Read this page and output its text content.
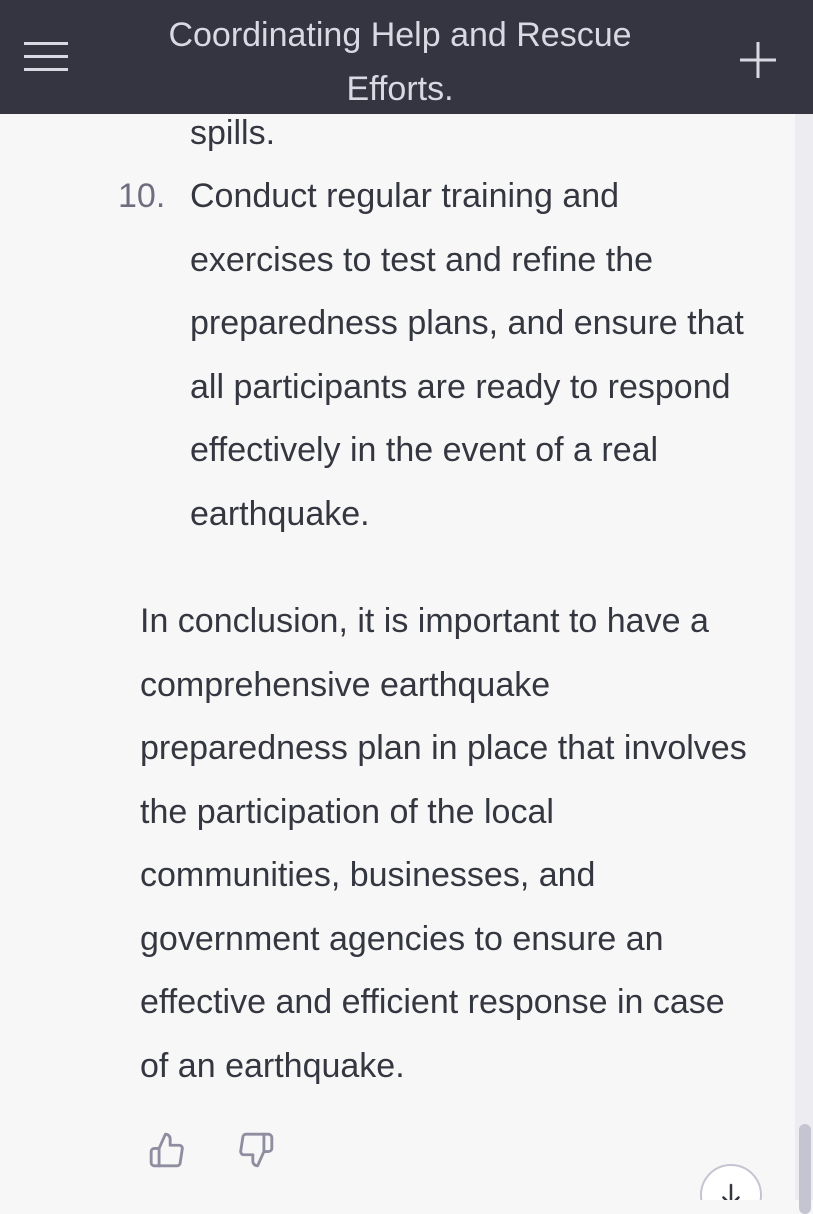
Coordinating Help and Rescue Efforts.
spills.
10. Conduct regular training and exercises to test and refine the preparedness plans, and ensure that all participants are ready to respond effectively in the event of a real earthquake.
In conclusion, it is important to have a comprehensive earthquake preparedness plan in place that involves the participation of the local communities, businesses, and government agencies to ensure an effective and efficient response in case of an earthquake.
